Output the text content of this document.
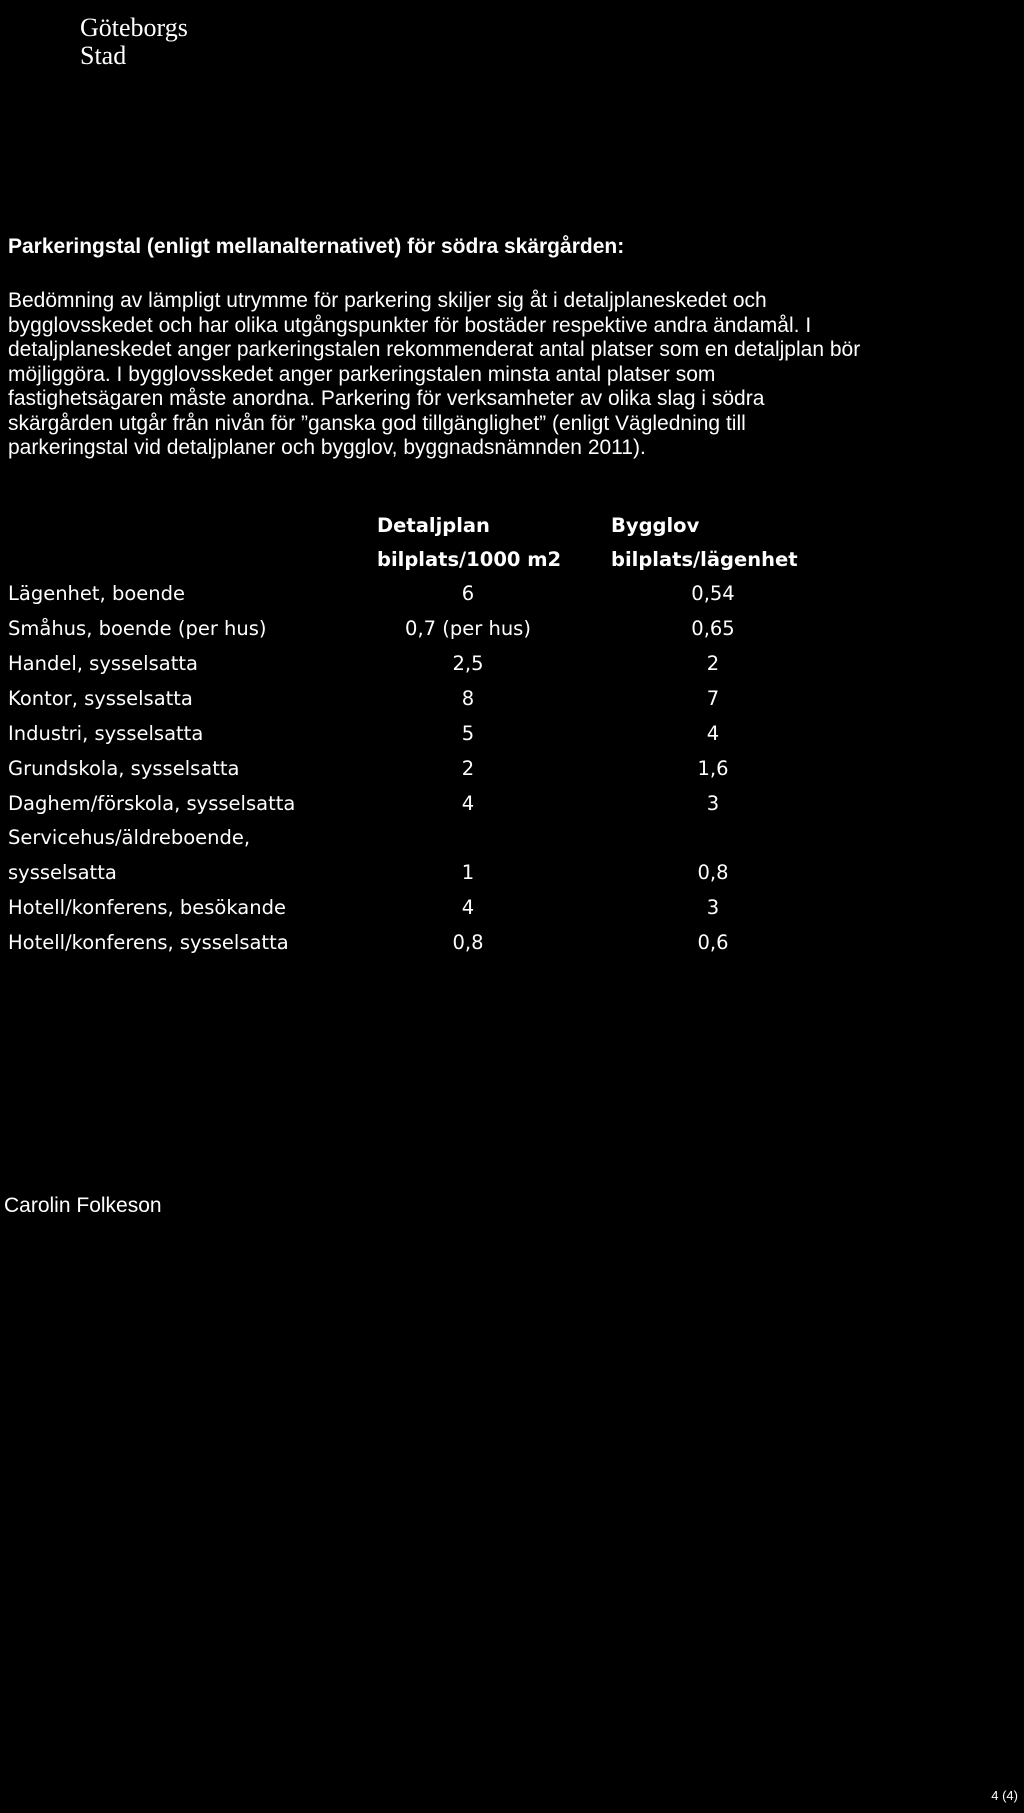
Göteborgs
Stad
Parkeringstal (enligt mellanalternativet) för södra skärgården:
Bedömning av lämpligt utrymme för parkering skiljer sig åt i detaljplaneskedet och
bygglovsskedet och har olika utgångspunkter för bostäder respektive andra ändamål. I
detaljplaneskedet anger parkeringstalen rekommenderat antal platser som en detaljplan bör
möjliggöra. I bygglovsskedet anger parkeringstalen minsta antal platser som
fastighetsägaren måste anordna. Parkering för verksamheter av olika slag i södra
skärgården utgår från nivån för ”ganska god tillgänglighet” (enligt Vägledning till
parkeringstal vid detaljplaner och bygglov, byggnadsnämnden 2011).
Detaljplan
bilplats/1000 m2
Bygglov
bilplats/lägenhet
Lägenhet, boende	6	0,54
Småhus, boende (per hus)	0,7 (per hus)	0,65
Handel, sysselsatta	2,5	2
Kontor, sysselsatta	8	7
Industri, sysselsatta	5	4
Grundskola, sysselsatta	2	1,6
Daghem/förskola, sysselsatta	4	3
Servicehus/äldreboende,
sysselsatta	1	0,8
Hotell/konferens, besökande	4	3
Hotell/konferens, sysselsatta	0,8	0,6
Carolin Folkeson
4 (4)
